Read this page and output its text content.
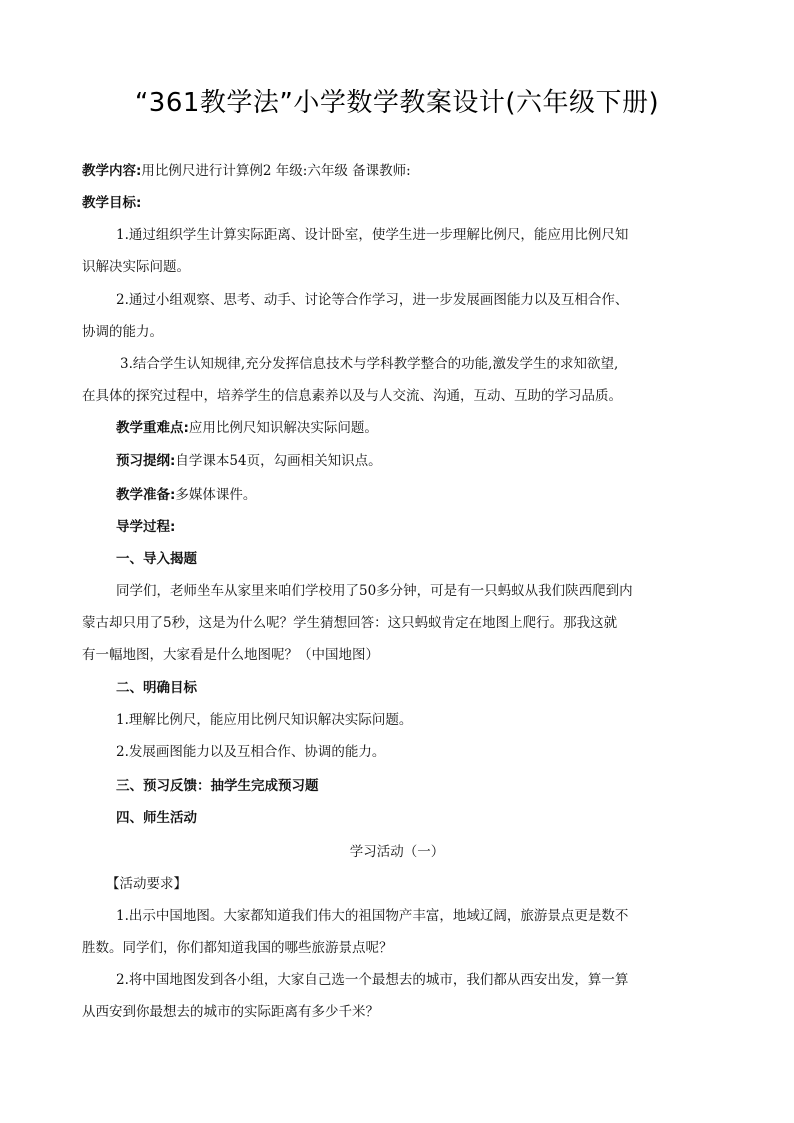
“361教学法”小学数学教案设计(六年级下册)
教学内容:用比例尺进行计算例2 年级:六年级 备课教师:
教学目标:
1.通过组织学生计算实际距离、设计卧室，使学生进一步理解比例尺，能应用比例尺知
识解决实际问题。
2.通过小组观察、思考、动手、讨论等合作学习，进一步发展画图能力以及互相合作、
协调的能力。
3.结合学生认知规律,充分发挥信息技术与学科教学整合的功能,激发学生的求知欲望,
在具体的探究过程中，培养学生的信息素养以及与人交流、沟通，互动、互助的学习品质。
教学重难点:应用比例尺知识解决实际问题。
预习提纲:自学课本54页，勾画相关知识点。
教学准备:多媒体课件。
导学过程:
一、导入揭题
同学们，老师坐车从家里来咱们学校用了50多分钟，可是有一只蚂蚁从我们陕西爬到内
蒙古却只用了5秒，这是为什么呢？学生猜想回答：这只蚂蚁肯定在地图上爬行。那我这就
有一幅地图，大家看是什么地图呢？（中国地图）
二、明确目标
1.理解比例尺，能应用比例尺知识解决实际问题。
2.发展画图能力以及互相合作、协调的能力。
三、预习反馈：抽学生完成预习题
四、师生活动
学习活动（一）
【活动要求】
1.出示中国地图。大家都知道我们伟大的祖国物产丰富，地域辽阔，旅游景点更是数不
胜数。同学们，你们都知道我国的哪些旅游景点呢？
2.将中国地图发到各小组，大家自己选一个最想去的城市，我们都从西安出发，算一算
从西安到你最想去的城市的实际距离有多少千米？
